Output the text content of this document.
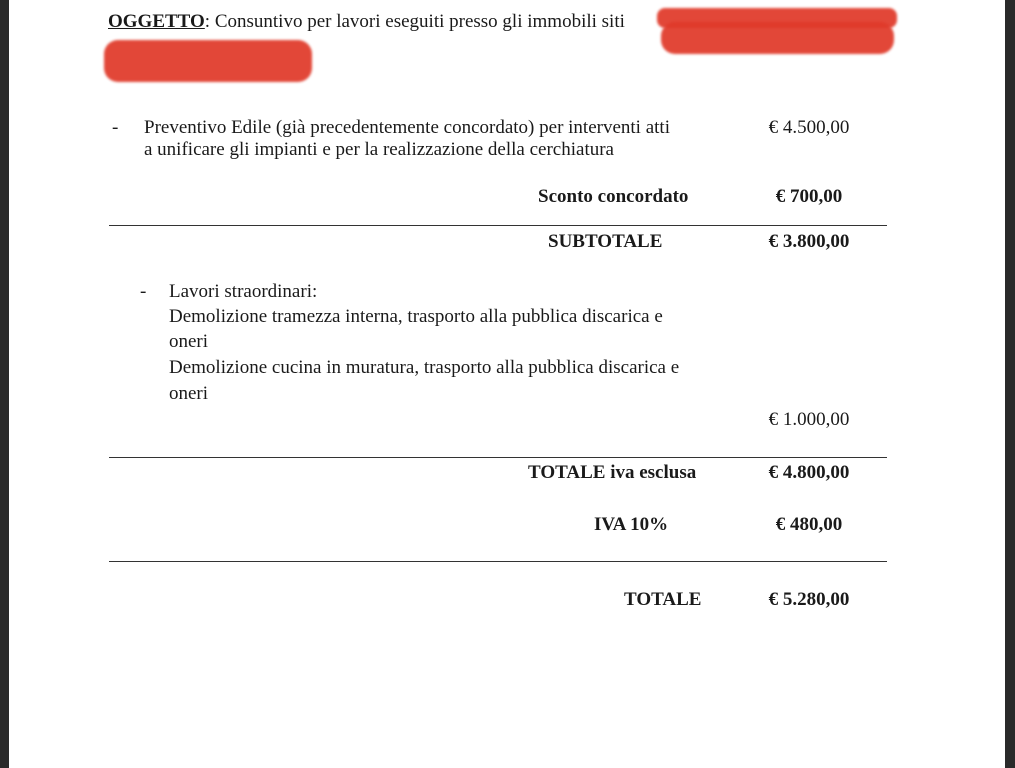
OGGETTO: Consuntivo per lavori eseguiti presso gli immobili siti
- Preventivo Edile (già precedentemente concordato) per interventi atti
a unificare gli impianti e per la realizzazione della cerchiatura
€ 4.500,00
Sconto concordato	€ 700,00
SUBTOTALE	€ 3.800,00
- Lavori straordinari:
Demolizione tramezza interna, trasporto alla pubblica discarica e
oneri
Demolizione cucina in muratura, trasporto alla pubblica discarica e
oneri
€ 1.000,00
TOTALE iva esclusa	€ 4.800,00
IVA 10%	€ 480,00
TOTALE	€ 5.280,00
